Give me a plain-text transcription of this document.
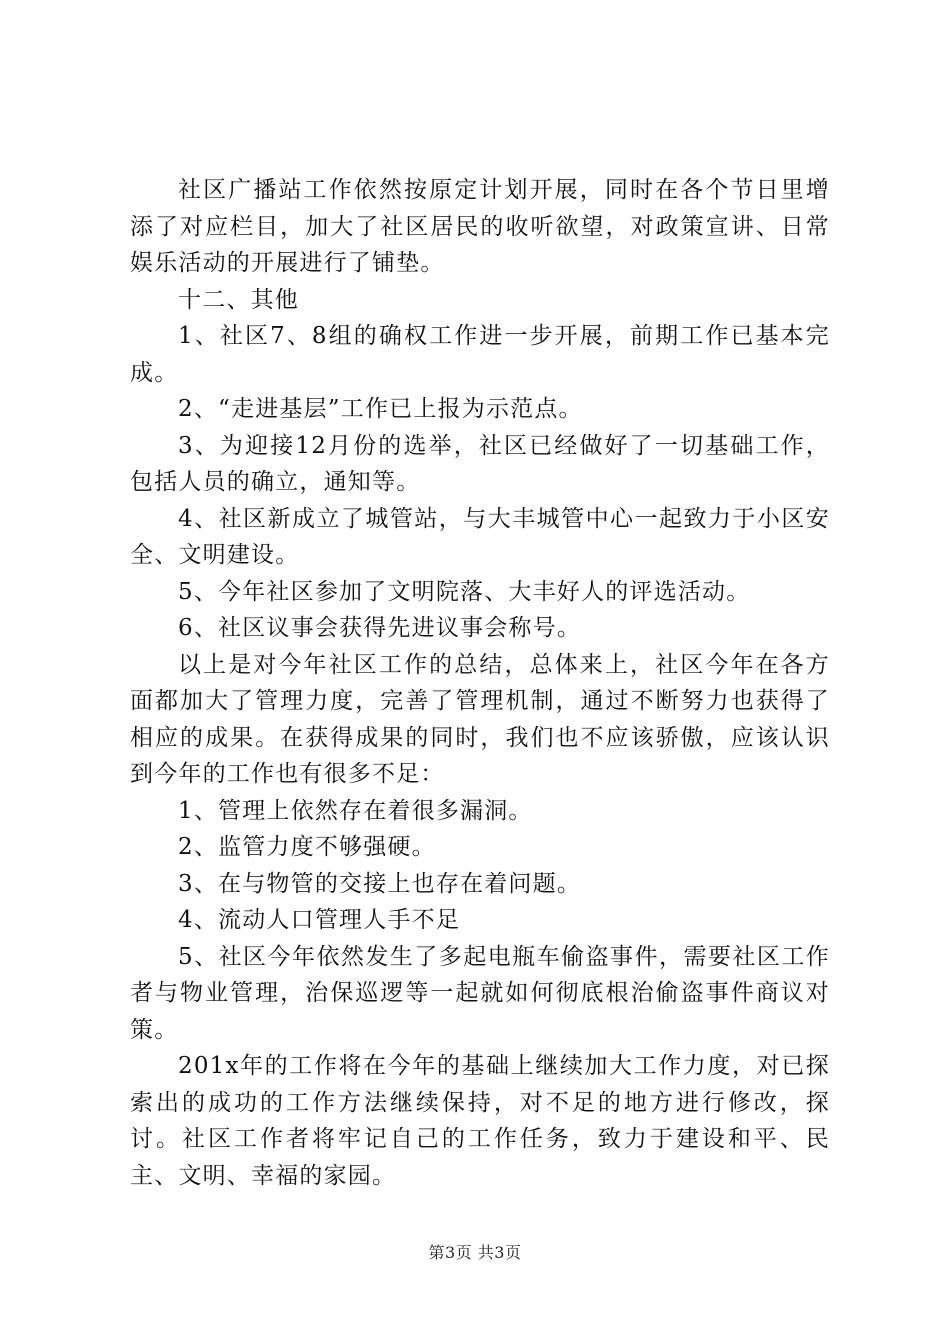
社区广播站工作依然按原定计划开展，同时在各个节日里增添了对应栏目，加大了社区居民的收听欲望，对政策宣讲、日常娱乐活动的开展进行了铺垫。

十二、其他

1、社区7、8组的确权工作进一步开展，前期工作已基本完成。

2、“走进基层”工作已上报为示范点。

3、为迎接12月份的选举，社区已经做好了一切基础工作，包括人员的确立，通知等。

4、社区新成立了城管站，与大丰城管中心一起致力于小区安全、文明建设。

5、今年社区参加了文明院落、大丰好人的评选活动。

6、社区议事会获得先进议事会称号。

以上是对今年社区工作的总结，总体来上，社区今年在各方面都加大了管理力度，完善了管理机制，通过不断努力也获得了相应的成果。在获得成果的同时，我们也不应该骄傲，应该认识到今年的工作也有很多不足：

1、管理上依然存在着很多漏洞。

2、监管力度不够强硬。

3、在与物管的交接上也存在着问题。

4、流动人口管理人手不足

5、社区今年依然发生了多起电瓶车偷盗事件，需要社区工作者与物业管理，治保巡逻等一起就如何彻底根治偷盗事件商议对策。

201x年的工作将在今年的基础上继续加大工作力度，对已探索出的成功的工作方法继续保持，对不足的地方进行修改，探讨。社区工作者将牢记自己的工作任务，致力于建设和平、民主、文明、幸福的家园。

第3页 共3页
